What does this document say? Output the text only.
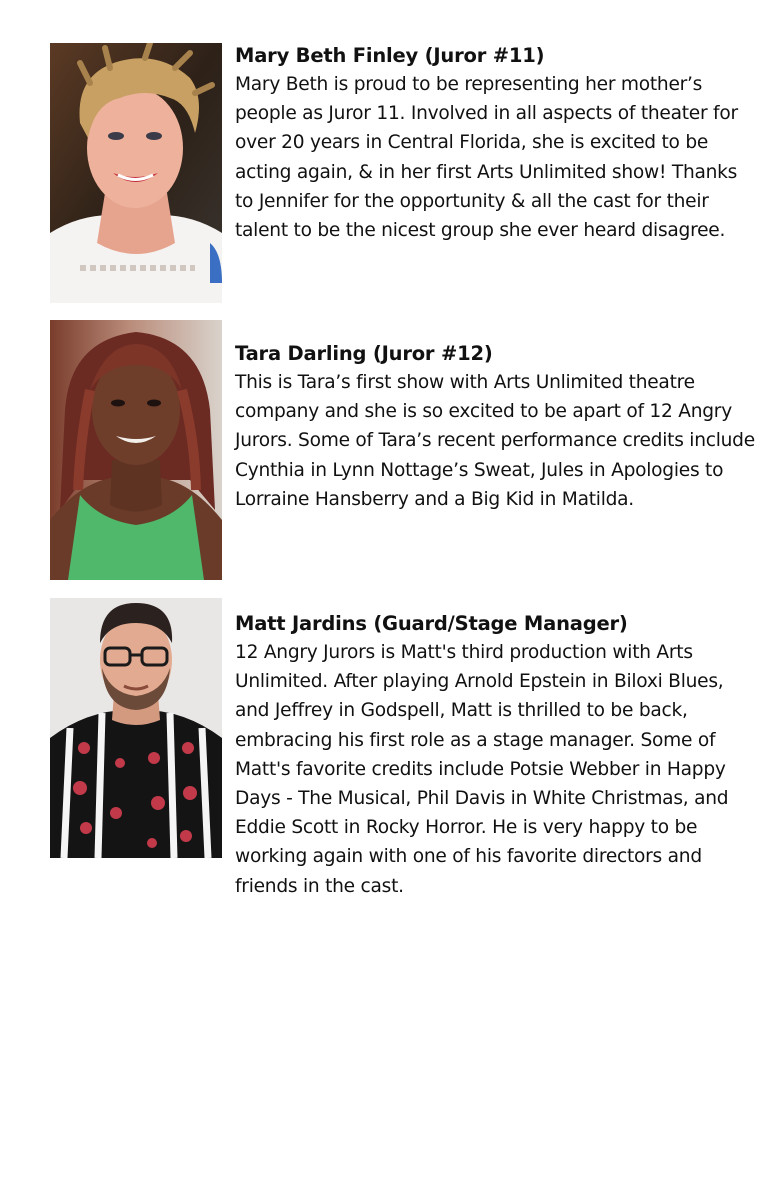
Mary Beth Finley (Juror #11)

Mary Beth is proud to be representing her mother’s people as Juror 11. Involved in all aspects of theater for over 20 years in Central Florida, she is excited to be acting again, & in her first Arts Unlimited show! Thanks to Jennifer for the opportunity & all the cast for their talent to be the nicest group she ever heard disagree.

Tara Darling (Juror #12)

This is Tara’s first show with Arts Unlimited theatre company and she is so excited to be apart of 12 Angry Jurors. Some of Tara’s recent performance credits include Cynthia in Lynn Nottage’s Sweat, Jules in Apologies to Lorraine Hansberry and a Big Kid in Matilda.

Matt Jardins (Guard/Stage Manager)

12 Angry Jurors is Matt's third production with Arts Unlimited. After playing Arnold Epstein in Biloxi Blues, and Jeffrey in Godspell, Matt is thrilled to be back, embracing his first role as a stage manager. Some of Matt's favorite credits include Potsie Webber in Happy Days - The Musical, Phil Davis in White Christmas, and Eddie Scott in Rocky Horror. He is very happy to be working again with one of his favorite directors and friends in the cast.
